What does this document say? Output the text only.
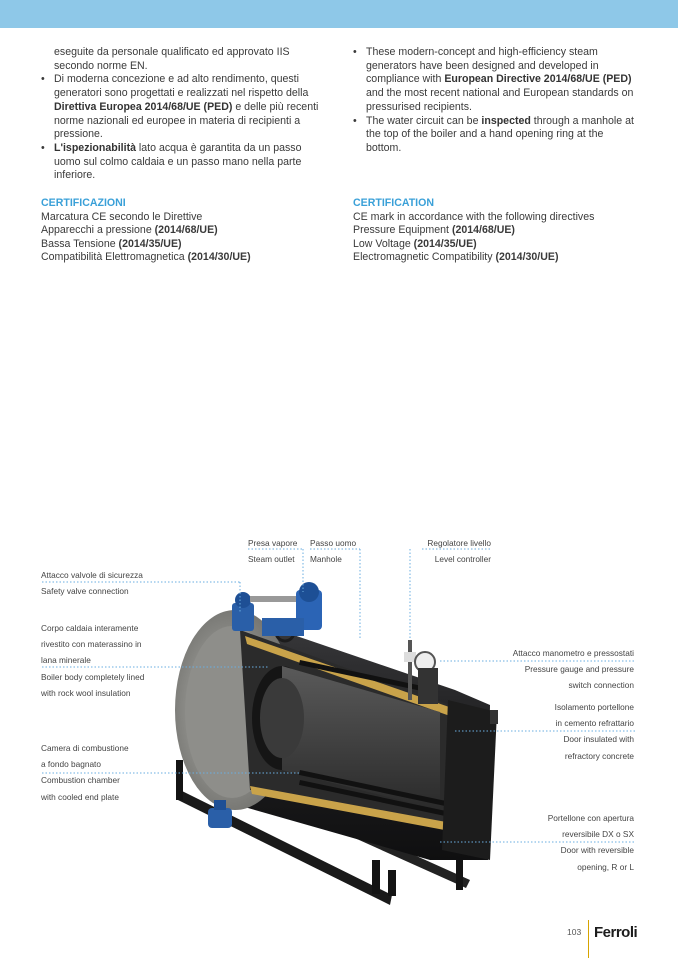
eseguite da personale qualificato ed approvato IIS secondo norme EN.
• Di moderna concezione e ad alto rendimento, questi generatori sono progettati e realizzati nel rispetto della Direttiva Europea 2014/68/UE (PED) e delle più recenti norme nazionali ed europee in materia di recipienti a pressione.
• L'ispezionabilità lato acqua è garantita da un passo uomo sul colmo caldaia e un passo mano nella parte inferiore.
• These modern-concept and high-efficiency steam generators have been designed and developed in compliance with European Directive 2014/68/UE (PED) and the most recent national and European standards on pressurised recipients.
• The water circuit can be inspected through a manhole at the top of the boiler and a hand opening ring at the bottom.
CERTIFICAZIONI
Marcatura CE secondo le Direttive
Apparecchi a pressione (2014/68/UE)
Bassa Tensione (2014/35/UE)
Compatibilità Elettromagnetica (2014/30/UE)
CERTIFICATION
CE mark in accordance with the following directives
Pressure Equipment (2014/68/UE)
Low Voltage (2014/35/UE)
Electromagnetic Compatibility (2014/30/UE)
Presa vapore
Steam outlet
Passo uomo
Manhole
Regolatore livello
Level controller
Attacco valvole di sicurezza
Safety valve connection
Corpo caldaia interamente
rivestito con materassino in
lana minerale
Boiler body completely lined
with rock wool insulation
Camera di combustione
a fondo bagnato
Combustion chamber
with cooled end plate
Attacco manometro e pressostati
Pressure gauge and pressure
switch connection
Isolamento portellone
in cemento refrattario
Door insulated with
refractory concrete
Portellone con apertura
reversibile DX o SX
Door with reversible
opening, R or L
103 Ferroli
